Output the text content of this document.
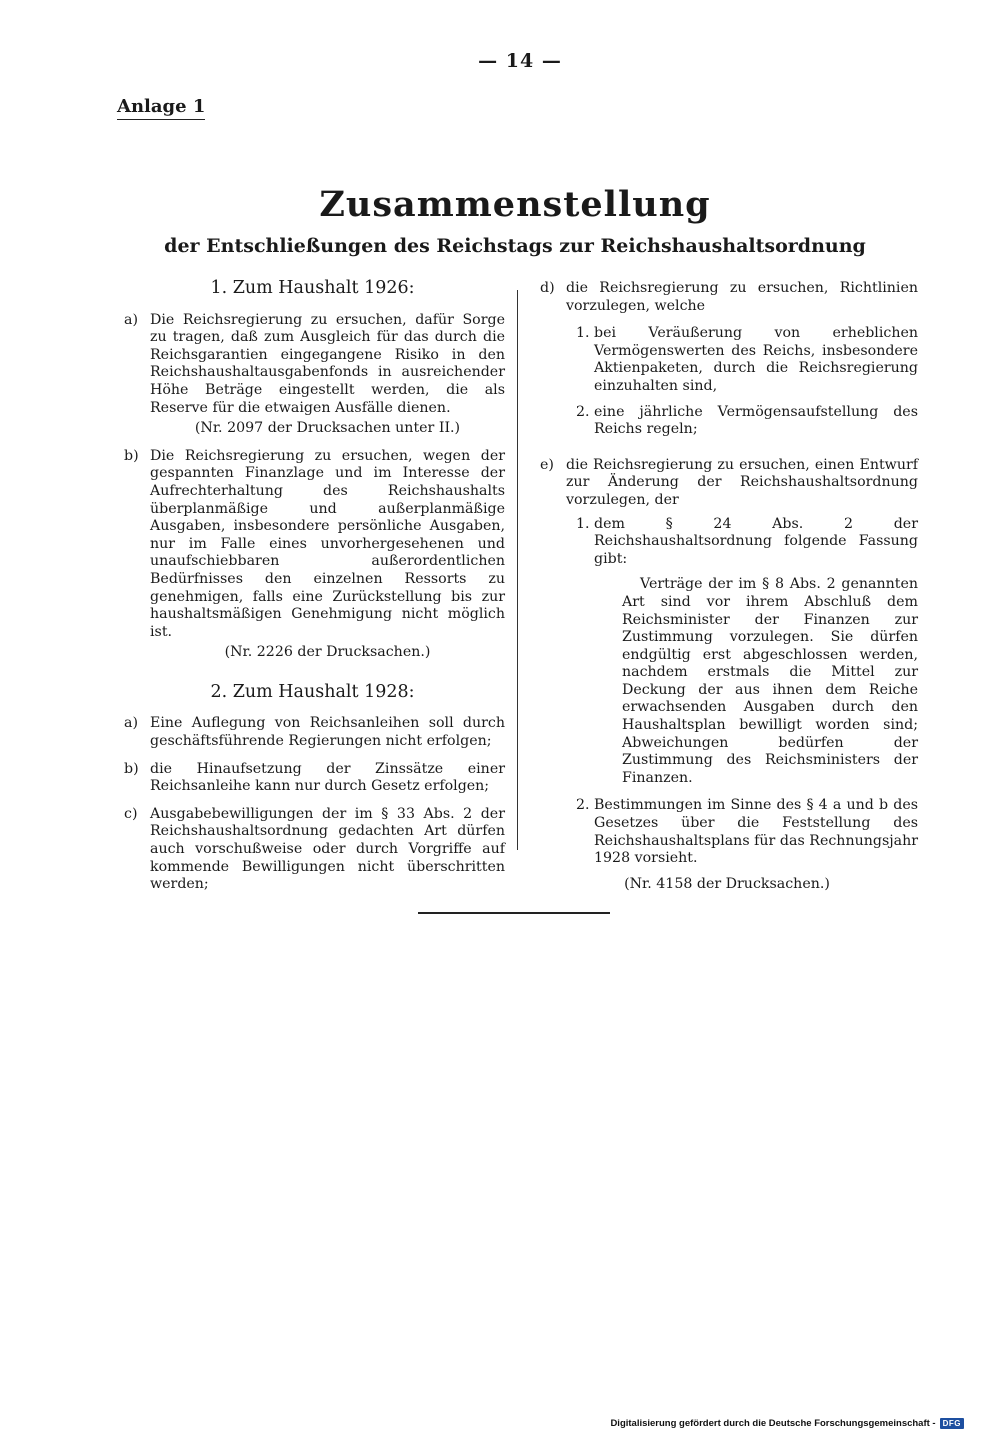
— 14 —
Anlage 1
Zusammenstellung
der Entschließungen des Reichstags zur Reichshaushaltsordnung
1. Zum Haushalt 1926:
a) Die Reichsregierung zu ersuchen, dafür Sorge zu tragen, daß zum Ausgleich für das durch die Reichsgarantien eingegangene Risiko in den Reichshaushaltausgabenfonds in ausreichender Höhe Beträge eingestellt werden, die als Reserve für die etwaigen Ausfälle dienen.
(Nr. 2097 der Drucksachen unter II.)
b) Die Reichsregierung zu ersuchen, wegen der gespannten Finanzlage und im Interesse der Aufrechterhaltung des Reichshaushalts überplanmäßige und außerplanmäßige Ausgaben, insbesondere persönliche Ausgaben, nur im Falle eines unvorhergesehenen und unaufschiebbaren außerordentlichen Bedürfnisses den einzelnen Ressorts zu genehmigen, falls eine Zurückstellung bis zur haushaltsmäßigen Genehmigung nicht möglich ist.
(Nr. 2226 der Drucksachen.)
2. Zum Haushalt 1928:
a) Eine Auflegung von Reichsanleihen soll durch geschäftsführende Regierungen nicht erfolgen;
b) die Hinaufsetzung der Zinssätze einer Reichsanleihe kann nur durch Gesetz erfolgen;
c) Ausgabebewilligungen der im § 33 Abs. 2 der Reichshaushaltsordnung gedachten Art dürfen auch vorschußweise oder durch Vorgriffe auf kommende Bewilligungen nicht überschritten werden;
d) die Reichsregierung zu ersuchen, Richtlinien vorzulegen, welche
1. bei Veräußerung von erheblichen Vermögenswerten des Reichs, insbesondere Aktienpaketen, durch die Reichsregierung einzuhalten sind,
2. eine jährliche Vermögensaufstellung des Reichs regeln;
e) die Reichsregierung zu ersuchen, einen Entwurf zur Änderung der Reichshaushaltsordnung vorzulegen, der
1. dem § 24 Abs. 2 der Reichshaushaltsordnung folgende Fassung gibt:
Verträge der im § 8 Abs. 2 genannten Art sind vor ihrem Abschluß dem Reichsminister der Finanzen zur Zustimmung vorzulegen. Sie dürfen endgültig erst abgeschlossen werden, nachdem erstmals die Mittel zur Deckung der aus ihnen dem Reiche erwachsenden Ausgaben durch den Haushaltsplan bewilligt worden sind; Abweichungen bedürfen der Zustimmung des Reichsministers der Finanzen.
2. Bestimmungen im Sinne des § 4 a und b des Gesetzes über die Feststellung des Reichshaushaltsplans für das Rechnungsjahr 1928 vorsieht.
(Nr. 4158 der Drucksachen.)
Digitalisierung gefördert durch die Deutsche Forschungsgemeinschaft - DFG
